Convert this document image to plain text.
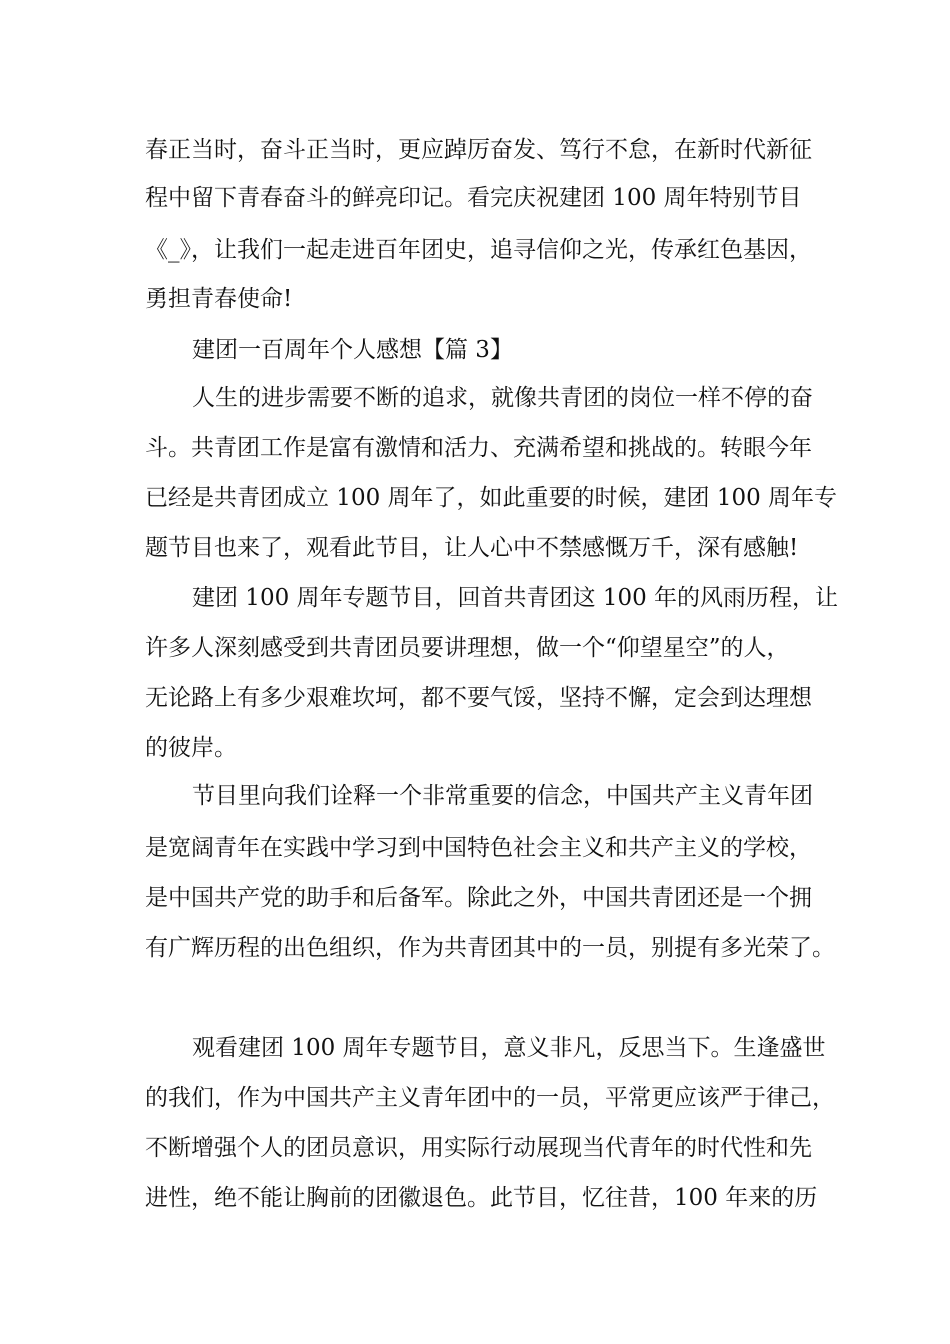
春正当时，奋斗正当时，更应踔厉奋发、笃行不怠，在新时代新征
程中留下青春奋斗的鲜亮印记。看完庆祝建团 100 周年特别节目
《_》，让我们一起走进百年团史，追寻信仰之光，传承红色基因，
勇担青春使命!
建团一百周年个人感想【篇 3】
人生的进步需要不断的追求，就像共青团的岗位一样不停的奋
斗。共青团工作是富有激情和活力、充满希望和挑战的。转眼今年
已经是共青团成立 100 周年了，如此重要的时候，建团 100 周年专
题节目也来了，观看此节目，让人心中不禁感慨万千，深有感触!
建团 100 周年专题节目，回首共青团这 100 年的风雨历程，让
许多人深刻感受到共青团员要讲理想，做一个“仰望星空”的人，
无论路上有多少艰难坎坷，都不要气馁，坚持不懈，定会到达理想
的彼岸。
节目里向我们诠释一个非常重要的信念，中国共产主义青年团
是宽阔青年在实践中学习到中国特色社会主义和共产主义的学校，
是中国共产党的助手和后备军。除此之外，中国共青团还是一个拥
有广辉历程的出色组织，作为共青团其中的一员，别提有多光荣了。
观看建团 100 周年专题节目，意义非凡，反思当下。生逢盛世
的我们，作为中国共产主义青年团中的一员，平常更应该严于律己，
不断增强个人的团员意识，用实际行动展现当代青年的时代性和先
进性，绝不能让胸前的团徽退色。此节目，忆往昔，100 年来的历
